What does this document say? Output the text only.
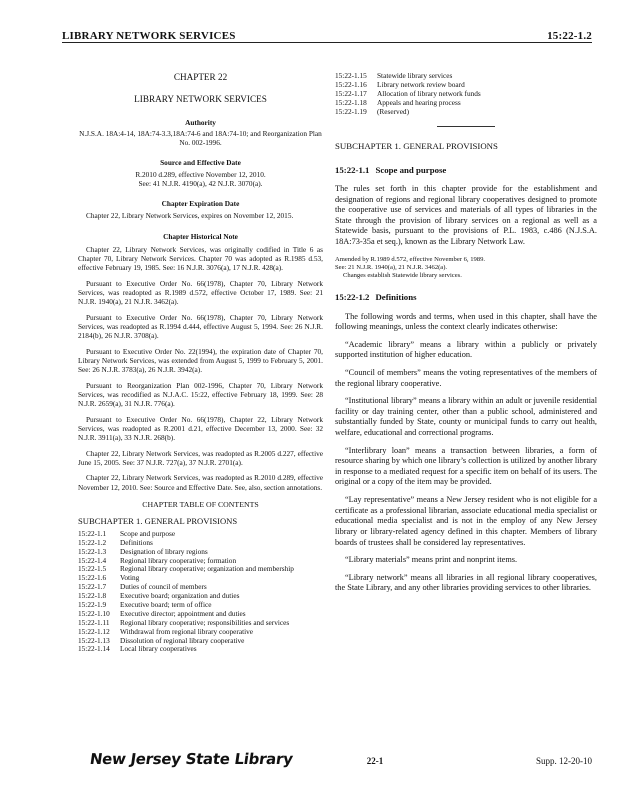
LIBRARY NETWORK SERVICES	15:22-1.2

CHAPTER 22

LIBRARY NETWORK SERVICES

Authority

N.J.S.A. 18A:4-14, 18A:74-3.3,18A:74-6 and 18A:74-10; and Reorganization Plan No. 002-1996.

Source and Effective Date

R.2010 d.289, effective November 12, 2010.
See: 41 N.J.R. 4190(a), 42 N.J.R. 3070(a).

Chapter Expiration Date

Chapter 22, Library Network Services, expires on November 12, 2015.

Chapter Historical Note

Chapter 22, Library Network Services, was originally codified in Title 6 as Chapter 70, Library Network Services. Chapter 70 was adopted as R.1985 d.53, effective February 19, 1985. See: 16 N.J.R. 3076(a), 17 N.J.R. 428(a).

Pursuant to Executive Order No. 66(1978), Chapter 70, Library Network Services, was readopted as R.1989 d.572, effective October 17, 1989. See: 21 N.J.R. 1940(a), 21 N.J.R. 3462(a).

Pursuant to Executive Order No. 66(1978), Chapter 70, Library Network Services, was readopted as R.1994 d.444, effective August 5, 1994. See: 26 N.J.R. 2184(b), 26 N.J.R. 3708(a).

Pursuant to Executive Order No. 22(1994), the expiration date of Chapter 70, Library Network Services, was extended from August 5, 1999 to February 5, 2001. See: 26 N.J.R. 3783(a), 26 N.J.R. 3942(a).

Pursuant to Reorganization Plan 002-1996, Chapter 70, Library Network Services, was recodified as N.J.A.C. 15:22, effective February 18, 1999. See: 28 N.J.R. 2659(a), 31 N.J.R. 776(a).

Pursuant to Executive Order No. 66(1978), Chapter 22, Library Network Services, was readopted as R.2001 d.21, effective December 13, 2000. See: 32 N.J.R. 3911(a), 33 N.J.R. 268(b).

Chapter 22, Library Network Services, was readopted as R.2005 d.227, effective June 15, 2005. See: 37 N.J.R. 727(a), 37 N.J.R. 2701(a).

Chapter 22, Library Network Services, was readopted as R.2010 d.289, effective November 12, 2010. See: Source and Effective Date. See, also, section annotations.

CHAPTER TABLE OF CONTENTS

SUBCHAPTER 1. GENERAL PROVISIONS

15:22-1.1	Scope and purpose
15:22-1.2	Definitions
15:22-1.3	Designation of library regions
15:22-1.4	Regional library cooperative; formation
15:22-1.5	Regional library cooperative; organization and membership
15:22-1.6	Voting
15:22-1.7	Duties of council of members
15:22-1.8	Executive board; organization and duties
15:22-1.9	Executive board; term of office
15:22-1.10	Executive director; appointment and duties
15:22-1.11	Regional library cooperative; responsibilities and services
15:22-1.12	Withdrawal from regional library cooperative
15:22-1.13	Dissolution of regional library cooperative
15:22-1.14	Local library cooperatives
15:22-1.15	Statewide library services
15:22-1.16	Library network review board
15:22-1.17	Allocation of library network funds
15:22-1.18	Appeals and hearing process
15:22-1.19	(Reserved)

SUBCHAPTER 1. GENERAL PROVISIONS

15:22-1.1 Scope and purpose

The rules set forth in this chapter provide for the establishment and designation of regions and regional library cooperatives designed to promote the cooperative use of services and materials of all types of libraries in the State through the provision of library services on a regional as well as a Statewide basis, pursuant to the provisions of P.L. 1983, c.486 (N.J.S.A. 18A:73-35a et seq.), known as the Library Network Law.

Amended by R.1989 d.572, effective November 6, 1989.

See: 21 N.J.R. 1940(a), 21 N.J.R. 3462(a).

Changes establish Statewide library services.

15:22-1.2 Definitions

The following words and terms, when used in this chapter, shall have the following meanings, unless the context clearly indicates otherwise:

“Academic library” means a library within a publicly or privately supported institution of higher education.

“Council of members” means the voting representatives of the members of the regional library cooperative.

“Institutional library” means a library within an adult or juvenile residential facility or day training center, other than a public school, administered and substantially funded by State, county or municipal funds to carry out health, welfare, educational and correctional programs.

“Interlibrary loan” means a transaction between libraries, a form of resource sharing by which one library’s collection is utilized by another library in response to a mediated request for a specific item on behalf of its users. The original or a copy of the item may be provided.

“Lay representative” means a New Jersey resident who is not eligible for a certificate as a professional librarian, associate educational media specialist or educational media specialist and is not in the employ of any New Jersey library or library-related agency defined in this chapter. Members of library boards of trustees shall be considered lay representatives.

“Library materials” means print and nonprint items.

“Library network” means all libraries in all regional library cooperatives, the State Library, and any other libraries providing services to other libraries.

New Jersey State Library	22-1	Supp. 12-20-10
